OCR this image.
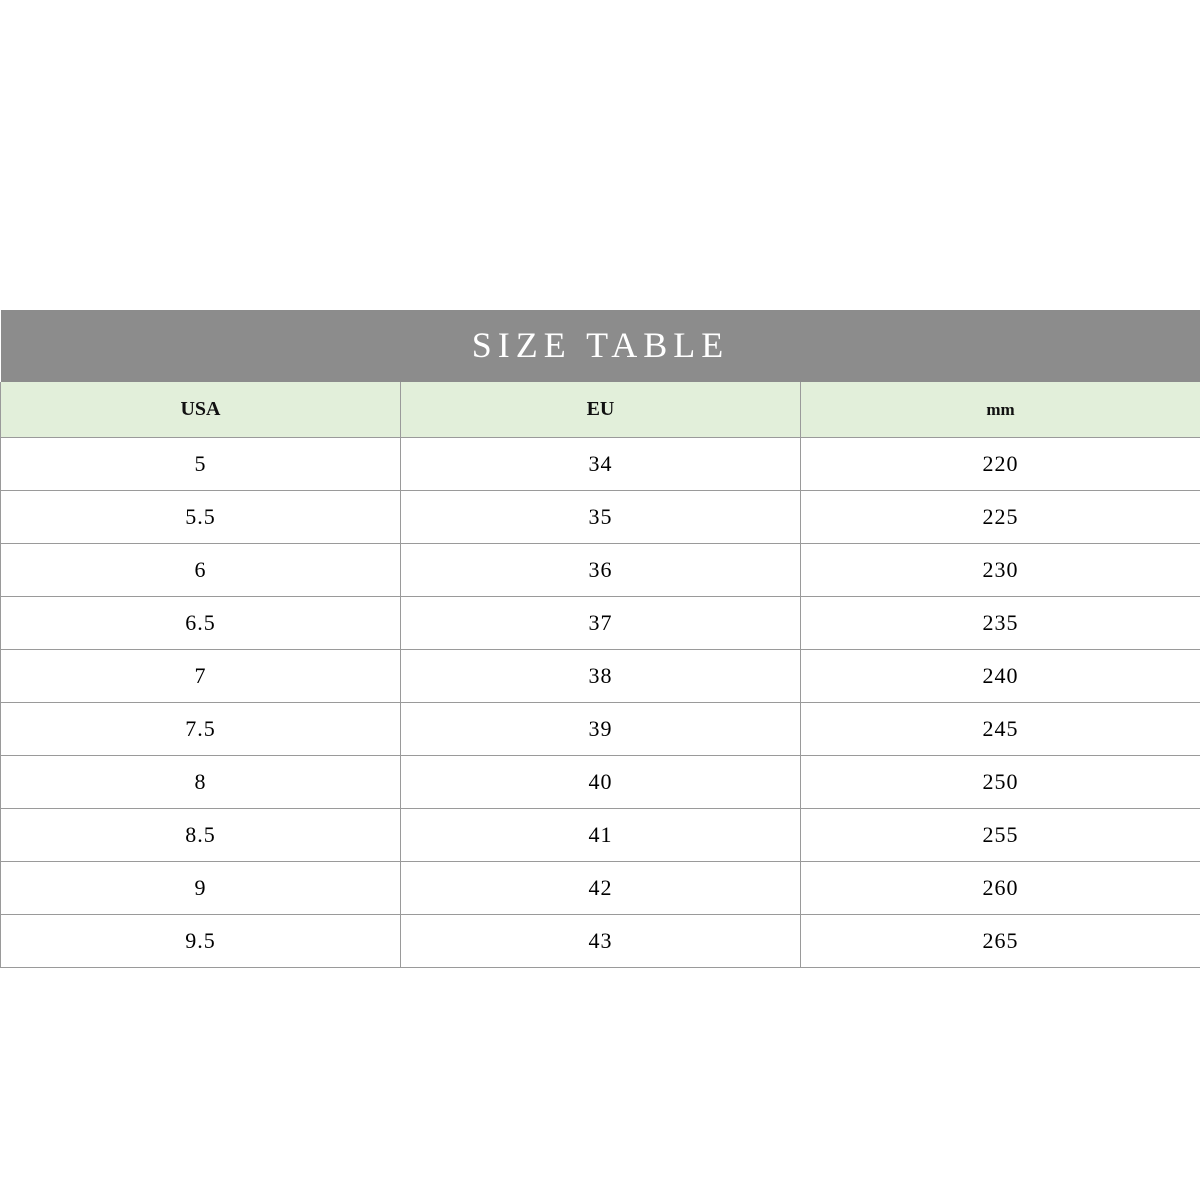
SIZE TABLE		
USA	EU	mm
5	34	220
5.5	35	225
6	36	230
6.5	37	235
7	38	240
7.5	39	245
8	40	250
8.5	41	255
9	42	260
9.5	43	265
